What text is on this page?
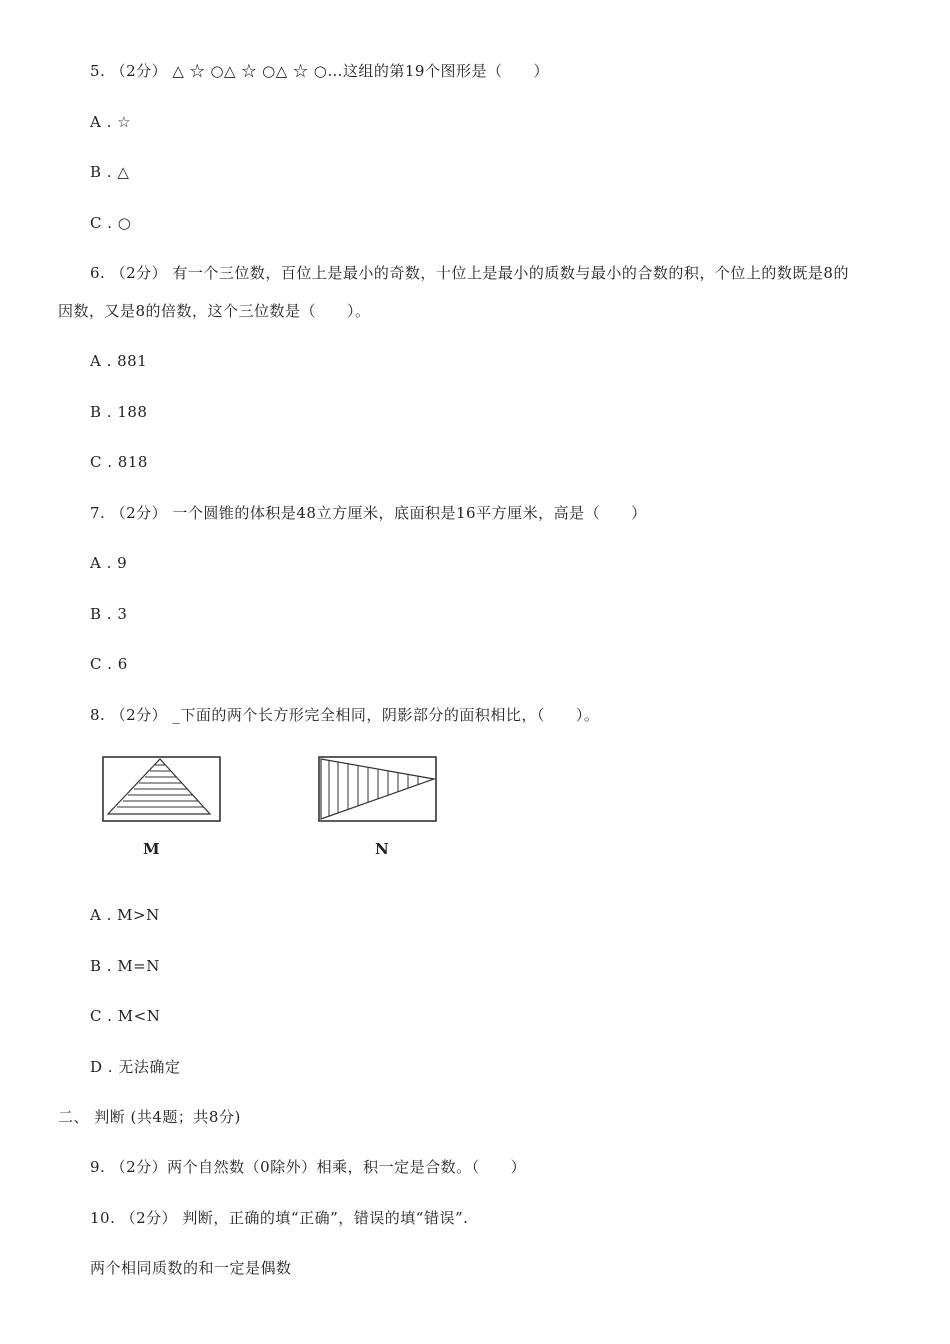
5. （2分） △ ☆ ○△ ☆ ○△ ☆ ○…这组的第19个图形是（　　）
A . ☆
B . △
C . ○
6. （2分） 有一个三位数，百位上是最小的奇数，十位上是最小的质数与最小的合数的积，个位上的数既是8的
因数，又是8的倍数，这个三位数是（　　）。
A . 881
B . 188
C . 818
7. （2分） 一个圆锥的体积是48立方厘米，底面积是16平方厘米，高是（　　）
A . 9
B . 3
C . 6
8. （2分） _下面的两个长方形完全相同，阴影部分的面积相比，（　　）。
M	N
A . M>N
B . M=N
C . M<N
D . 无法确定
二、 判断 (共4题；共8分)
9. （2分）两个自然数（0除外）相乘，积一定是合数。（　　）
10. （2分） 判断，正确的填“正确”，错误的填“错误”.
两个相同质数的和一定是偶数
